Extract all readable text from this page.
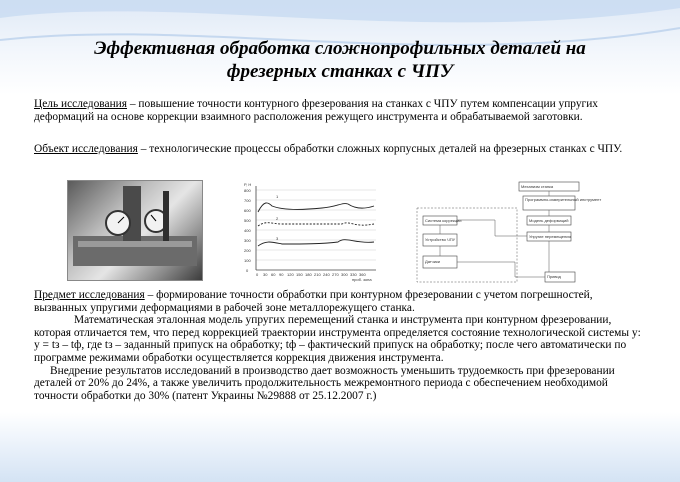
Эффективная обработка сложнопрофильных деталей на
фрезерных станках с ЧПУ
Цель исследования – повышение точности контурного фрезерования на станках с ЧПУ путем компенсации упругих деформаций на основе коррекции взаимного расположения режущего инструмента и обрабатываемой заготовки.
Объект исследования – технологические процессы обработки сложных корпусных деталей на фрезерных станках с ЧПУ.
P, H
800
700
600
500
400
300
200
100
0
1
2
3
0 30 60 90 120 150 180 210 240 270 300 330 360
проб. зона
Механизм станка
Программно-измерительный инструмент
Модель деформаций
Упругие перемещения
Система коррекции
Устройство ЧПУ
Датчики
Привод
Предмет исследования – формирование точности обработки при контурном фрезеровании с учетом погрешностей, вызванных упругими деформациями в рабочей зоне металлорежущего станка.
Математическая эталонная модель упругих перемещений станка и инструмента при контурном фрезеровании, которая отличается тем, что перед коррекцией траектории инструмента определяется состояние технологической системы y: y = tз – tф, где tз – заданный припуск на обработку; tф – фактический припуск на обработку; после чего автоматически по программе режимами обработки осуществляется коррекция движения инструмента.
Внедрение результатов исследований в производство дает возможность уменьшить трудоемкость при фрезеровании деталей от 20% до 24%, а также увеличить продолжительность межремонтного периода с обеспечением необходимой точности обработки до 30% (патент Украины №29888 от 25.12.2007 г.)
